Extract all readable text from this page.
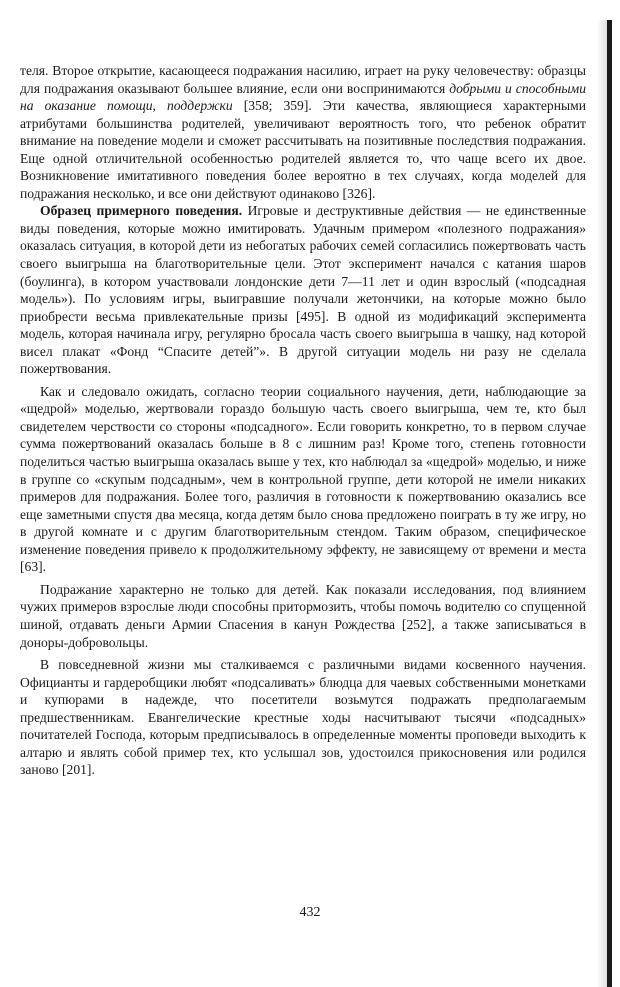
теля. Второе открытие, касающееся подражания насилию, играет на руку человечеству: образцы для подражания оказывают большее влияние, если они воспринимаются добрыми и способными на оказание помощи, поддержки [358; 359]. Эти качества, являющиеся характерными атрибутами большинства родителей, увеличивают вероятность того, что ребенок обратит внимание на поведение модели и сможет рассчитывать на позитивные последствия подражания. Еще одной отличительной особенностью родителей является то, что чаще всего их двое. Возникновение имитативного поведения более вероятно в тех случаях, когда моделей для подражания несколько, и все они действуют одинаково [326].

Образец примерного поведения. Игровые и деструктивные действия — не единственные виды поведения, которые можно имитировать. Удачным примером «полезного подражания» оказалась ситуация, в которой дети из небогатых рабочих семей согласились пожертвовать часть своего выигрыша на благотворительные цели. Этот эксперимент начался с катания шаров (боулинга), в котором участвовали лондонские дети 7—11 лет и один взрослый («подсадная модель»). По условиям игры, выигравшие получали жетончики, на которые можно было приобрести весьма привлекательные призы [495]. В одной из модификаций эксперимента модель, которая начинала игру, регулярно бросала часть своего выигрыша в чашку, над которой висел плакат «Фонд “Спасите детей”». В другой ситуации модель ни разу не сделала пожертвования.

Как и следовало ожидать, согласно теории социального научения, дети, наблюдающие за «щедрой» моделью, жертвовали гораздо большую часть своего выигрыша, чем те, кто был свидетелем черствости со стороны «подсадного». Если говорить конкретно, то в первом случае сумма пожертвований оказалась больше в 8 с лишним раз! Кроме того, степень готовности поделиться частью выигрыша оказалась выше у тех, кто наблюдал за «щедрой» моделью, и ниже в группе со «скупым подсадным», чем в контрольной группе, дети которой не имели никаких примеров для подражания. Более того, различия в готовности к пожертвованию оказались все еще заметными спустя два месяца, когда детям было снова предложено поиграть в ту же игру, но в другой комнате и с другим благотворительным стендом. Таким образом, специфическое изменение поведения привело к продолжительному эффекту, не зависящему от времени и места [63].

Подражание характерно не только для детей. Как показали исследования, под влиянием чужих примеров взрослые люди способны притормозить, чтобы помочь водителю со спущенной шиной, отдавать деньги Армии Спасения в канун Рождества [252], а также записываться в доноры-добровольцы.

В повседневной жизни мы сталкиваемся с различными видами косвенного научения. Официанты и гардеробщики любят «подсаливать» блюдца для чаевых собственными монетками и купюрами в надежде, что посетители возьмутся подражать предполагаемым предшественникам. Евангелические крестные ходы насчитывают тысячи «подсадных» почитателей Господа, которым предписывалось в определенные моменты проповеди выходить к алтарю и являть собой пример тех, кто услышал зов, удостоился прикосновения или родился заново [201].

432
